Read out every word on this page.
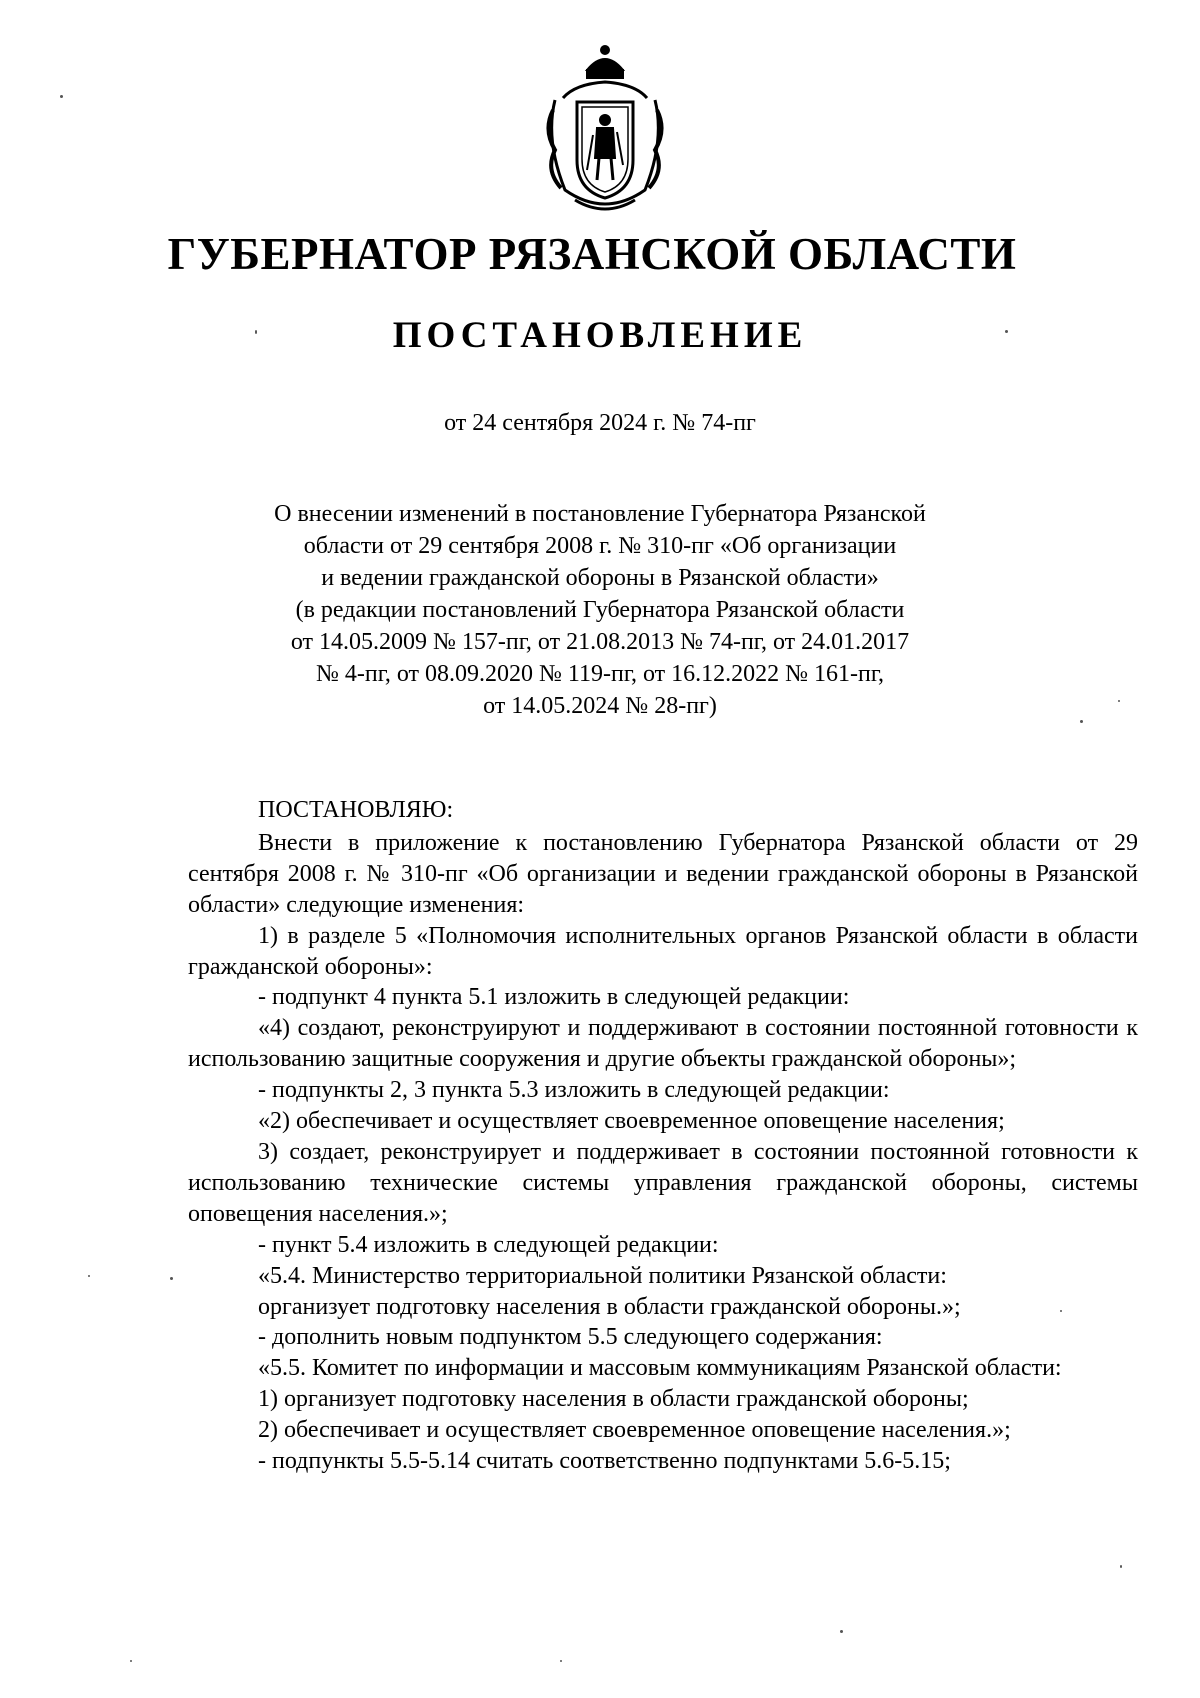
ГУБЕРНАТОР РЯЗАНСКОЙ ОБЛАСТИ
ПОСТАНОВЛЕНИЕ
от 24 сентября 2024 г. № 74-пг
О внесении изменений в постановление Губернатора Рязанской
области от 29 сентября 2008 г. № 310-пг «Об организации
и ведении гражданской обороны в Рязанской области»
(в редакции постановлений Губернатора Рязанской области
от 14.05.2009 № 157-пг, от 21.08.2013 № 74-пг, от 24.01.2017
№ 4-пг, от 08.09.2020 № 119-пг, от 16.12.2022 № 161-пг,
от 14.05.2024 № 28-пг)

ПОСТАНОВЛЯЮ:

Внести в приложение к постановлению Губернатора Рязанской области от 29 сентября 2008 г. № 310-пг «Об организации и ведении гражданской обороны в Рязанской области» следующие изменения:

1) в разделе 5 «Полномочия исполнительных органов Рязанской области в области гражданской обороны»:

- подпункт 4 пункта 5.1 изложить в следующей редакции:

«4) создают, реконструируют и поддерживают в состоянии постоянной готовности к использованию защитные сооружения и другие объекты гражданской обороны»;

- подпункты 2, 3 пункта 5.3 изложить в следующей редакции:

«2) обеспечивает и осуществляет своевременное оповещение населения;

3) создает, реконструирует и поддерживает в состоянии постоянной готовности к использованию технические системы управления гражданской обороны, системы оповещения населения.»;

- пункт 5.4 изложить в следующей редакции:

«5.4. Министерство территориальной политики Рязанской области:

организует подготовку населения в области гражданской обороны.»;

- дополнить новым подпунктом 5.5 следующего содержания:

«5.5. Комитет по информации и массовым коммуникациям Рязанской области:

1) организует подготовку населения в области гражданской обороны;

2) обеспечивает и осуществляет своевременное оповещение населения.»;

- подпункты 5.5-5.14 считать соответственно подпунктами 5.6-5.15;
